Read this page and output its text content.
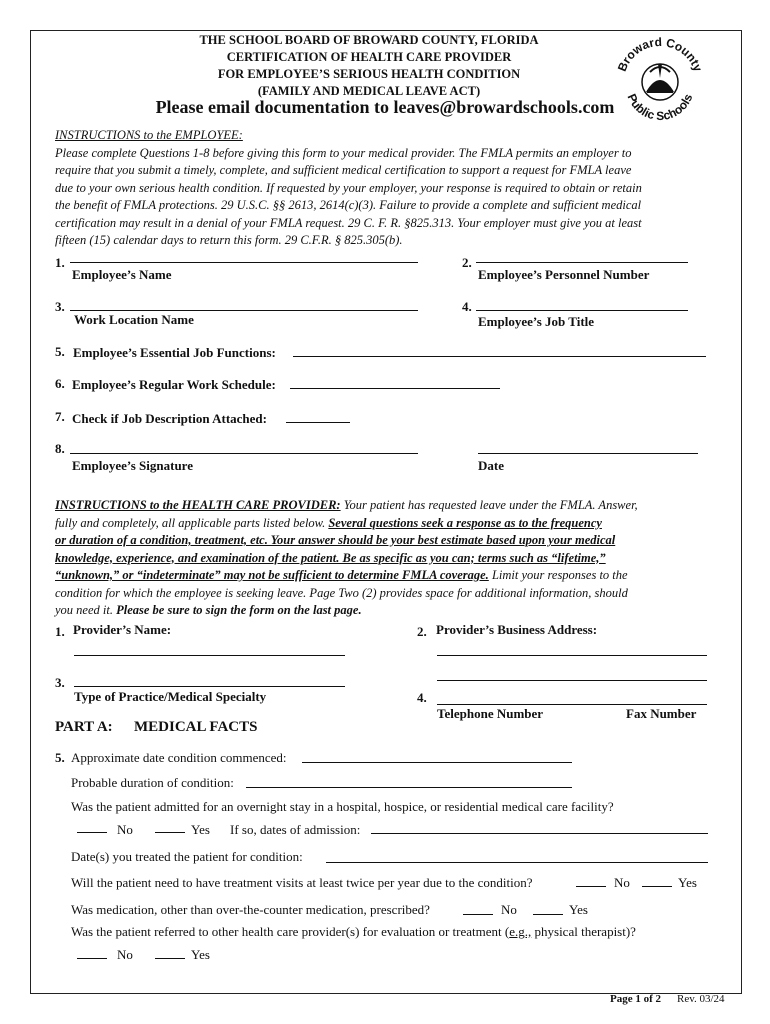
THE SCHOOL BOARD OF BROWARD COUNTY, FLORIDA
CERTIFICATION OF HEALTH CARE PROVIDER
FOR EMPLOYEE’S SERIOUS HEALTH CONDITION
(FAMILY AND MEDICAL LEAVE ACT)
Please email documentation to leaves@browardschools.com
Broward County
Public Schools
INSTRUCTIONS to the EMPLOYEE:
Please complete Questions 1-8 before giving this form to your medical provider. The FMLA permits an employer to
require that you submit a timely, complete, and sufficient medical certification to support a request for FMLA leave
due to your own serious health condition. If requested by your employer, your response is required to obtain or retain
the benefit of FMLA protections. 29 U.S.C. §§ 2613, 2614(c)(3). Failure to provide a complete and sufficient medical
certification may result in a denial of your FMLA request. 29 C. F. R. §825.313. Your employer must give you at least
fifteen (15) calendar days to return this form. 29 C.F.R. § 825.305(b).
1.
Employee’s Name
2.
Employee’s Personnel Number
3.
Work Location Name
4.
Employee’s Job Title
5. Employee’s Essential Job Functions:
6. Employee’s Regular Work Schedule:
7. Check if Job Description Attached:
8.
Employee’s Signature	Date
INSTRUCTIONS to the HEALTH CARE PROVIDER: Your patient has requested leave under the FMLA. Answer,
fully and completely, all applicable parts listed below. Several questions seek a response as to the frequency
or duration of a condition, treatment, etc. Your answer should be your best estimate based upon your medical
knowledge, experience, and examination of the patient. Be as specific as you can; terms such as “lifetime,”
“unknown,” or “indeterminate” may not be sufficient to determine FMLA coverage. Limit your responses to the
condition for which the employee is seeking leave. Page Two (2) provides space for additional information, should
you need it. Please be sure to sign the form on the last page.
1. Provider’s Name:	2. Provider’s Business Address:
3.
Type of Practice/Medical Specialty	4.
Telephone Number	Fax Number
PART A: MEDICAL FACTS
5. Approximate date condition commenced:
Probable duration of condition:
Was the patient admitted for an overnight stay in a hospital, hospice, or residential medical care facility?
No	Yes If so, dates of admission:
Date(s) you treated the patient for condition:
Will the patient need to have treatment visits at least twice per year due to the condition?	No	Yes
Was medication, other than over-the-counter medication, prescribed?	No	Yes
Was the patient referred to other health care provider(s) for evaluation or treatment (e.g., physical therapist)?
No	Yes
Page 1 of 2 Rev. 03/24
